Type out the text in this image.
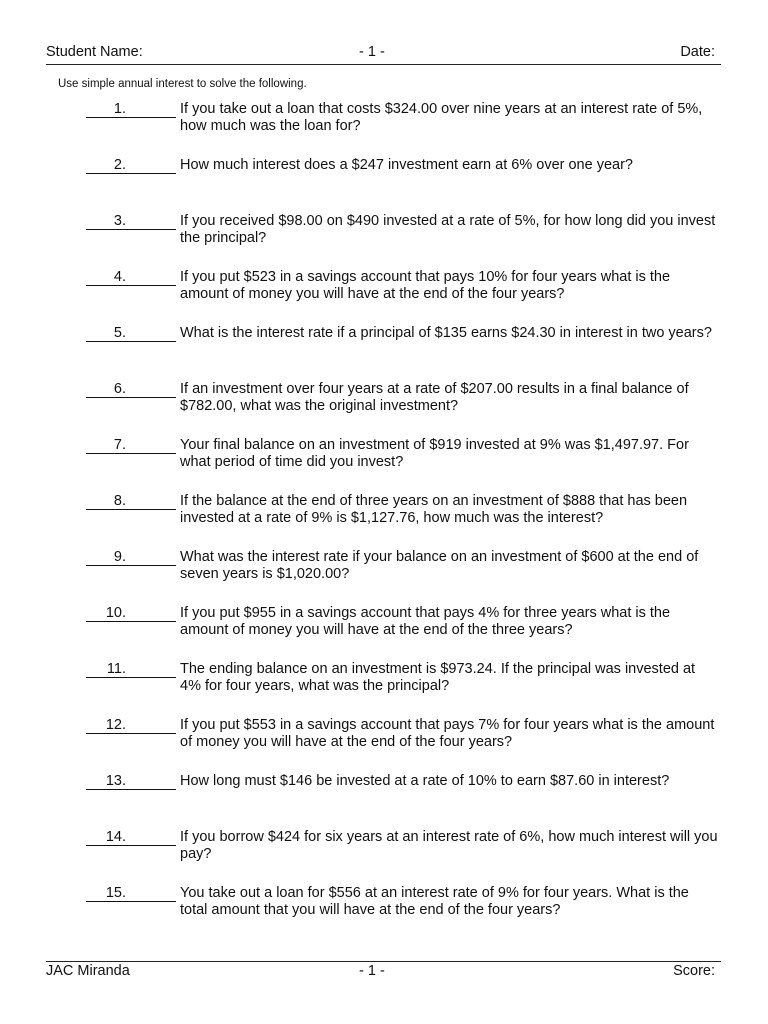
Student Name:	- 1 -	Date:
Use simple annual interest to solve the following.
1.	If you take out a loan that costs $324.00 over nine years at an interest rate of 5%, how much was the loan for?
2.	How much interest does a $247 investment earn at 6% over one year?
3.	If you received $98.00 on $490 invested at a rate of 5%, for how long did you invest the principal?
4.	If you put $523 in a savings account that pays 10% for four years what is the amount of money you will have at the end of the four years?
5.	What is the interest rate if a principal of $135 earns $24.30 in interest in two years?
6.	If an investment over four years at a rate of $207.00 results in a final balance of $782.00, what was the original investment?
7.	Your final balance on an investment of $919 invested at 9% was $1,497.97. For what period of time did you invest?
8.	If the balance at the end of three years on an investment of $888 that has been invested at a rate of 9% is $1,127.76, how much was the interest?
9.	What was the interest rate if your balance on an investment of $600 at the end of seven years is $1,020.00?
10.	If you put $955 in a savings account that pays 4% for three years what is the amount of money you will have at the end of the three years?
11.	The ending balance on an investment is $973.24. If the principal was invested at 4% for four years, what was the principal?
12.	If you put $553 in a savings account that pays 7% for four years what is the amount of money you will have at the end of the four years?
13.	How long must $146 be invested at a rate of 10% to earn $87.60 in interest?
14.	If you borrow $424 for six years at an interest rate of 6%, how much interest will you pay?
15.	You take out a loan for $556 at an interest rate of 9% for four years. What is the total amount that you will have at the end of the four years?
JAC Miranda	- 1 -	Score:
